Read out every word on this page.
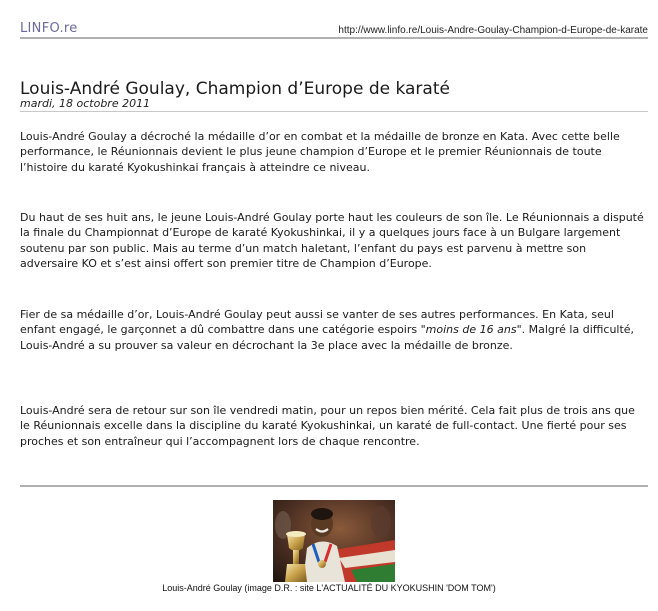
LINFO.re	http://www.linfo.re/Louis-Andre-Goulay-Champion-d-Europe-de-karate
Louis-André Goulay, Champion d’Europe de karaté
mardi, 18 octobre 2011

Louis-André Goulay a décroché la médaille d’or en combat et la médaille de bronze en Kata. Avec cette belle performance, le Réunionnais devient le plus jeune champion d’Europe et le premier Réunionnais de toute l’histoire du karaté Kyokushinkai français à atteindre ce niveau.

Du haut de ses huit ans, le jeune Louis-André Goulay porte haut les couleurs de son île. Le Réunionnais a disputé la finale du Championnat d’Europe de karaté Kyokushinkai, il y a quelques jours face à un Bulgare largement soutenu par son public. Mais au terme d’un match haletant, l’enfant du pays est parvenu à mettre son adversaire KO et s’est ainsi offert son premier titre de Champion d’Europe.

Fier de sa médaille d’or, Louis-André Goulay peut aussi se vanter de ses autres performances. En Kata, seul enfant engagé, le garçonnet a dû combattre dans une catégorie espoirs "moins de 16 ans". Malgré la difficulté, Louis-André a su prouver sa valeur en décrochant la 3e place avec la médaille de bronze.

Louis-André sera de retour sur son île vendredi matin, pour un repos bien mérité. Cela fait plus de trois ans que le Réunionnais excelle dans la discipline du karaté Kyokushinkai, un karaté de full-contact. Une fierté pour ses proches et son entraîneur qui l’accompagnent lors de chaque rencontre.

Louis-André Goulay (image D.R. : site L'ACTUALITÉ DU KYOKUSHIN 'DOM TOM')
